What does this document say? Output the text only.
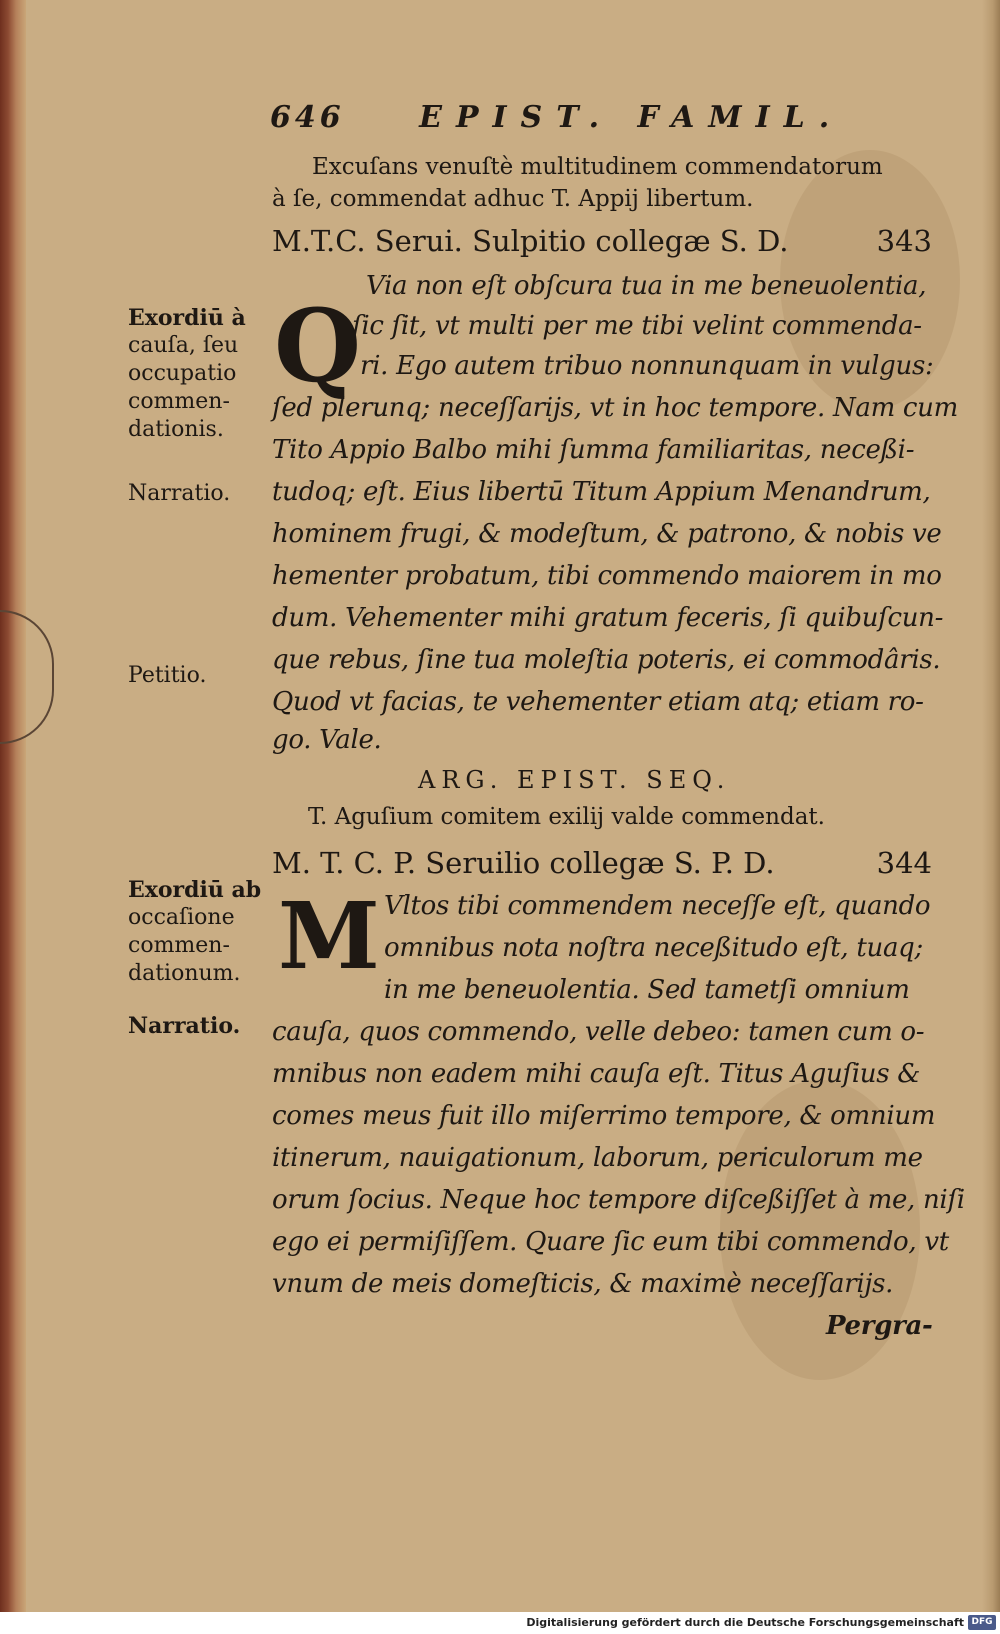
646 EPIST. FAMIL.
Excuſans venuſtè multitudinem commendatorum
à ſe, commendat adhuc T. Appij libertum.
M.T.C. Serui. Sulpitio collegæ S. D.	343
Q
Via non eſt obſcura tua in me beneuolentia,
ſic ſit, vt multi per me tibi velint commenda-
ri. Ego autem tribuo nonnunquam in vulgus:
ſed plerunq; neceſſarijs, vt in hoc tempore. Nam cum
Tito Appio Balbo mihi ſumma familiaritas, neceßi-
tudoq; eſt. Eius libertū Titum Appium Menandrum,
hominem frugi, & modeſtum, & patrono, & nobis ve
hementer probatum, tibi commendo maiorem in mo
dum. Vehementer mihi gratum feceris, ſi quibuſcun-
que rebus, ſine tua moleſtia poteris, ei commodâris.
Quod vt facias, te vehementer etiam atq; etiam ro-
go. Vale.
Exordiū à
cauſa, ſeu
occupatio
commen-
dationis.
Narratio.
Petitio.
ARG. EPIST. SEQ.
T. Aguſium comitem exilij valde commendat.
M. T. C. P. Seruilio collegæ S. P. D.	344
M Vltos tibi commendem neceſſe eſt, quando
omnibus nota noſtra neceßitudo eſt, tuaq;
in me beneuolentia. Sed tametſi omnium
cauſa, quos commendo, velle debeo: tamen cum o-
mnibus non eadem mihi cauſa eſt. Titus Aguſius &
comes meus fuit illo miſerrimo tempore, & omnium
itinerum, nauigationum, laborum, periculorum me
orum ſocius. Neque hoc tempore diſceßiſſet à me, niſi
ego ei permiſiſſem. Quare ſic eum tibi commendo, vt
vnum de meis domeſticis, & maximè neceſſarijs.
Pergra-
Exordiū ab
occaſione
commen-
dationum.
Narratio.
Digitalisierung gefördert durch die Deutsche Forschungsgemeinschaft DFG
